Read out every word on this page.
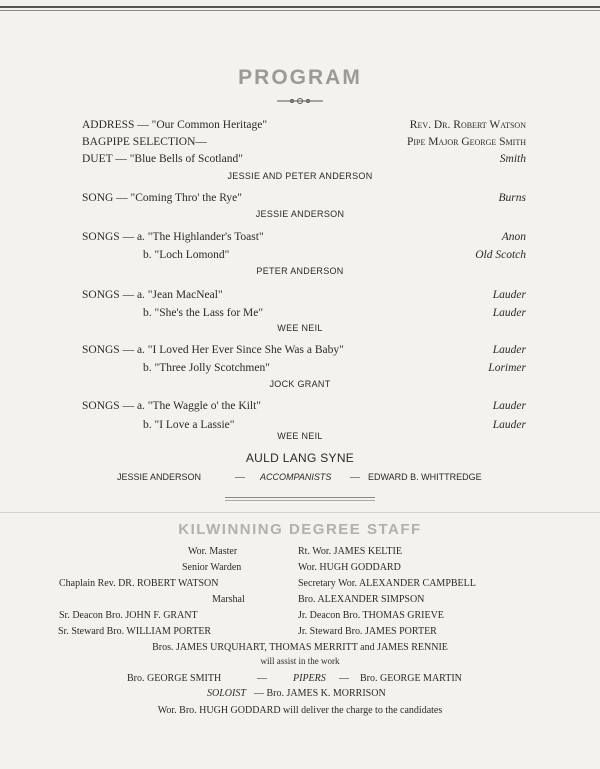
PROGRAM
ADDRESS — "Our Common Heritage"	Rev. Dr. Robert Watson
BAGPIPE SELECTION—	Pipe Major George Smith
DUET — "Blue Bells of Scotland"	Smith
JESSIE AND PETER ANDERSON
SONG — "Coming Thro' the Rye"	Burns
JESSIE ANDERSON
SONGS — a. "The Highlander's Toast"	Anon
b. "Loch Lomond"	Old Scotch
PETER ANDERSON
SONGS — a. "Jean MacNeal"	Lauder
b. "She's the Lass for Me"	Lauder
WEE NEIL
SONGS — a. "I Loved Her Ever Since She Was a Baby"	Lauder
b. "Three Jolly Scotchmen"	Lorimer
JOCK GRANT
SONGS — a. "The Waggle o' the Kilt"	Lauder
b. "I Love a Lassie"	Lauder
WEE NEIL
AULD LANG SYNE
JESSIE ANDERSON	— ACCOMPANISTS — EDWARD B. WHITTREDGE
KILWINNING DEGREE STAFF
Wor. Master	Rt. Wor. JAMES KELTIE
Senior Warden	Wor. HUGH GODDARD
Chaplain Rev. DR. ROBERT WATSON	Secretary Wor. ALEXANDER CAMPBELL
Marshal	Bro. ALEXANDER SIMPSON
Sr. Deacon Bro. JOHN F. GRANT	Jr. Deacon Bro. THOMAS GRIEVE
Sr. Steward Bro. WILLIAM PORTER	Jr. Steward Bro. JAMES PORTER
Bros. JAMES URQUHART, THOMAS MERRITT and JAMES RENNIE
will assist in the work
Bro. GEORGE SMITH	—	PIPERS — Bro. GEORGE MARTIN
SOLOIST — Bro. JAMES K. MORRISON
Wor. Bro. HUGH GODDARD will deliver the charge to the candidates
